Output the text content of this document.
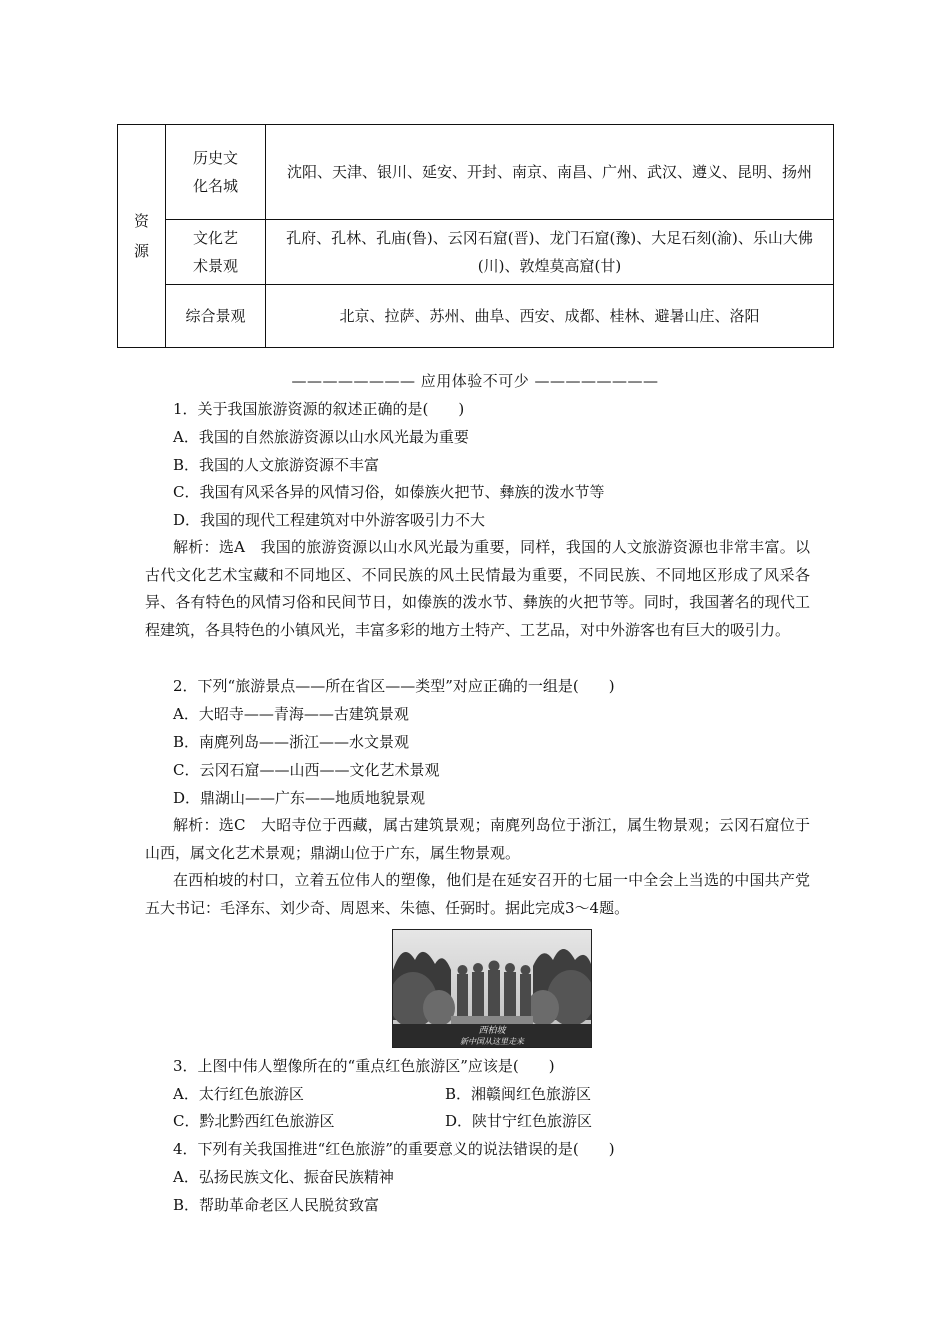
资
源	历史文
化名城	沈阳、天津、银川、延安、开封、南京、南昌、广州、武汉、遵义、昆明、扬州

	文化艺
术景观	孔府、孔林、孔庙(鲁)、云冈石窟(晋)、龙门石窟(豫)、大足石刻(渝)、乐山大佛(川)、敦煌莫高窟(甘)

	综合景观	北京、拉萨、苏州、曲阜、西安、成都、桂林、避暑山庄、洛阳
———————— 应用体验不可少 ————————
1．关于我国旅游资源的叙述正确的是(　　)
A．我国的自然旅游资源以山水风光最为重要
B．我国的人文旅游资源不丰富
C．我国有风采各异的风情习俗，如傣族火把节、彝族的泼水节等
D．我国的现代工程建筑对中外游客吸引力不大
解析：选A　我国的旅游资源以山水风光最为重要，同样，我国的人文旅游资源也非常丰富。以古代文化艺术宝藏和不同地区、不同民族的风土民情最为重要，不同民族、不同地区形成了风采各异、各有特色的风情习俗和民间节日，如傣族的泼水节、彝族的火把节等。同时，我国著名的现代工程建筑，各具特色的小镇风光，丰富多彩的地方土特产、工艺品，对中外游客也有巨大的吸引力。
2．下列“旅游景点——所在省区——类型”对应正确的一组是(　　)
A．大昭寺——青海——古建筑景观
B．南麂列岛——浙江——水文景观
C．云冈石窟——山西——文化艺术景观
D．鼎湖山——广东——地质地貌景观
解析：选C　大昭寺位于西藏，属古建筑景观；南麂列岛位于浙江，属生物景观；云冈石窟位于山西，属文化艺术景观；鼎湖山位于广东，属生物景观。
在西柏坡的村口，立着五位伟人的塑像，他们是在延安召开的七届一中全会上当选的中国共产党五大书记：毛泽东、刘少奇、周恩来、朱德、任弼时。据此完成3～4题。
西柏坡
新中国从这里走来
3．上图中伟人塑像所在的“重点红色旅游区”应该是(　　)
A．太行红色旅游区	B．湘赣闽红色旅游区
C．黔北黔西红色旅游区	D．陕甘宁红色旅游区
4．下列有关我国推进“红色旅游”的重要意义的说法错误的是(　　)
A．弘扬民族文化、振奋民族精神
B．帮助革命老区人民脱贫致富
